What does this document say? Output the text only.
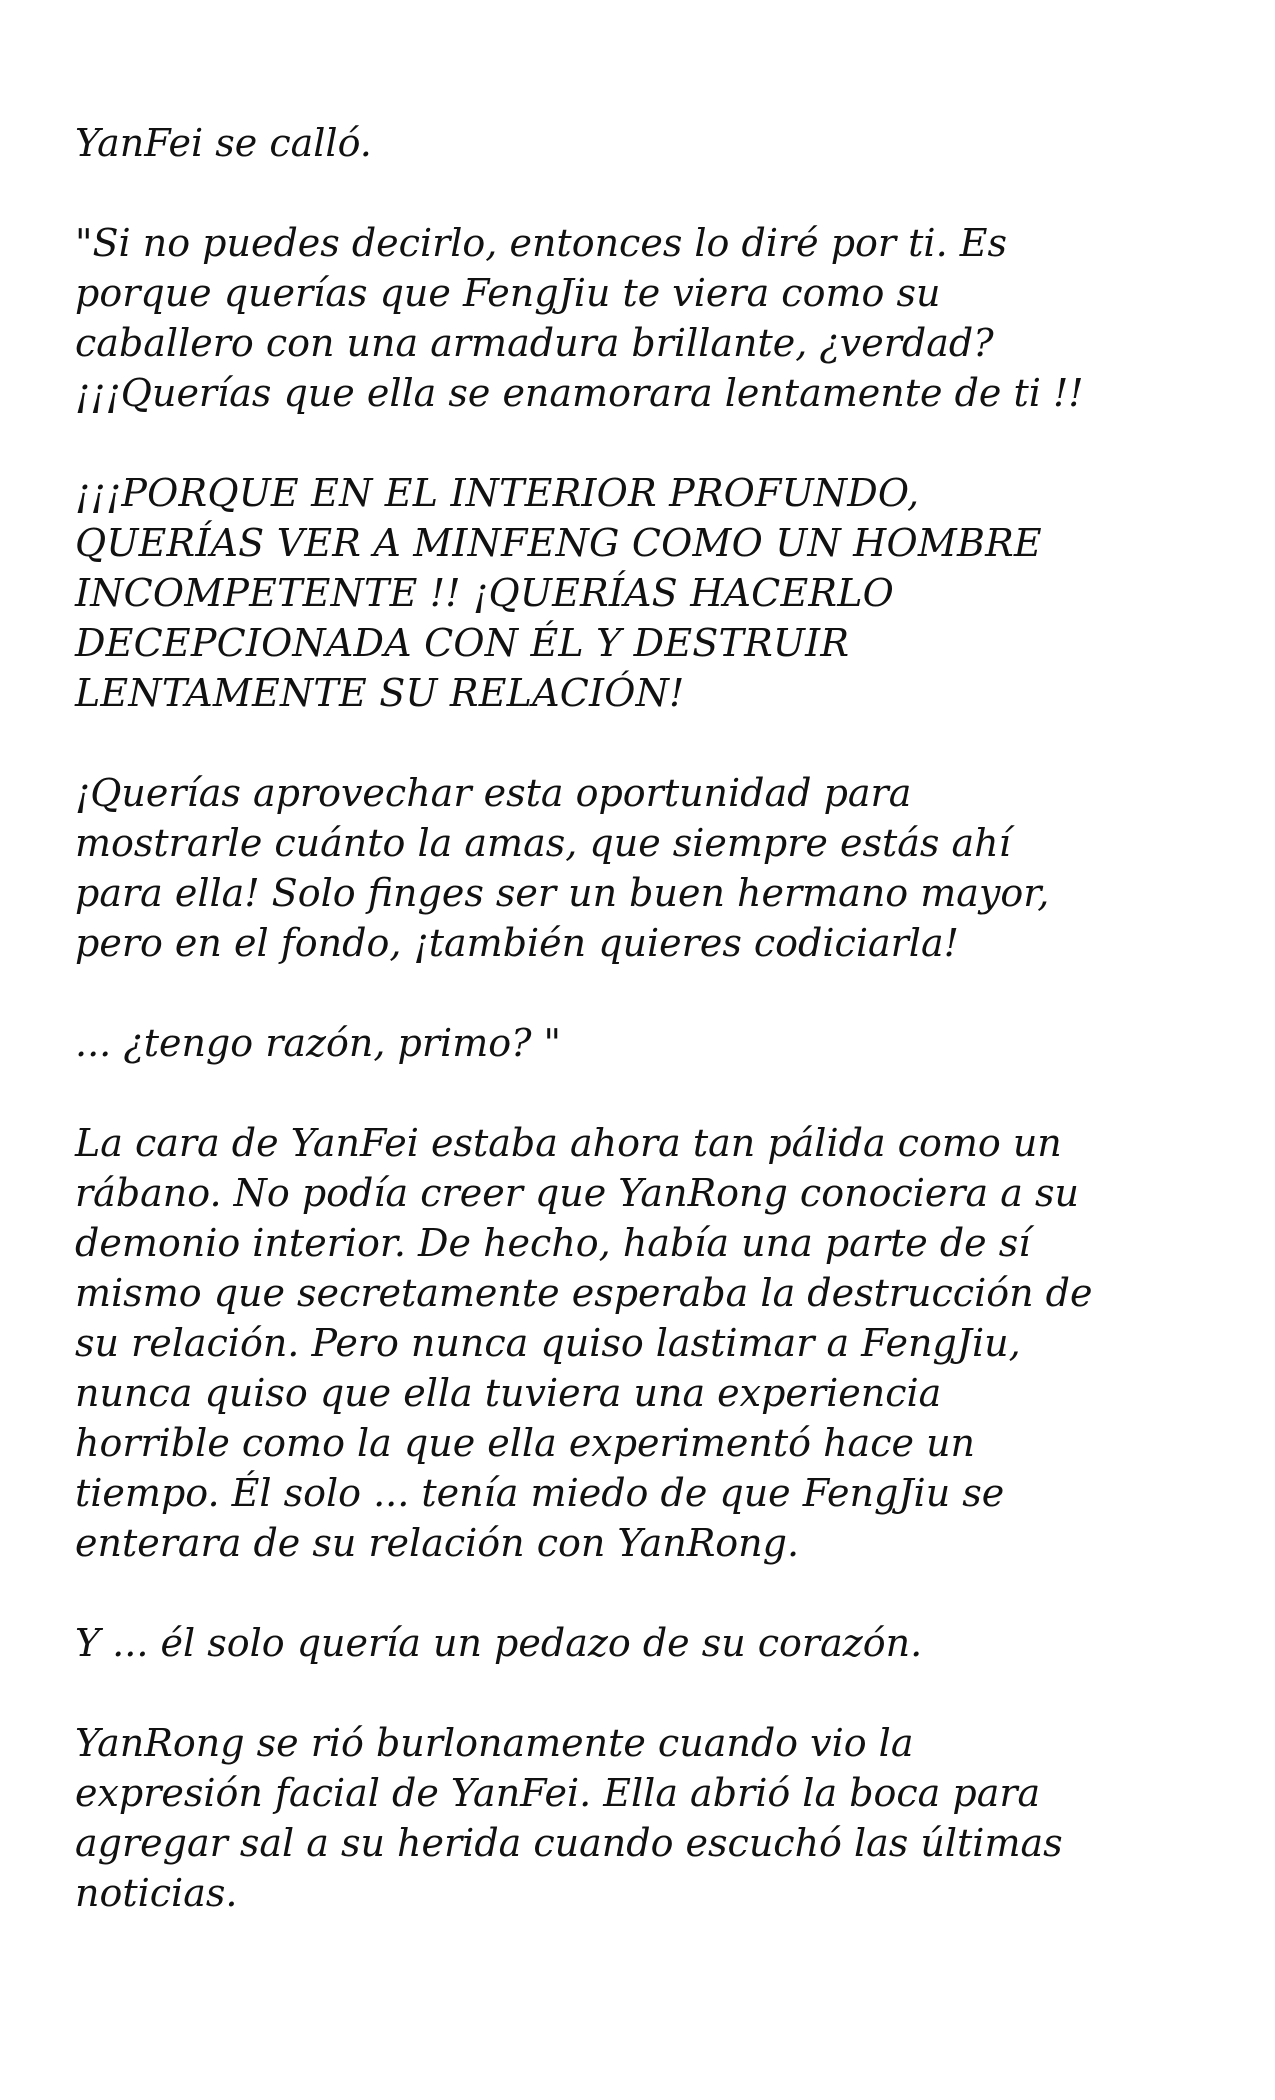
YanFei se calló.

"Si no puedes decirlo, entonces lo diré por ti. Es
porque querías que FengJiu te viera como su
caballero con una armadura brillante, ¿verdad?
¡¡¡Querías que ella se enamorara lentamente de ti !!

¡¡¡PORQUE EN EL INTERIOR PROFUNDO,
QUERÍAS VER A MINFENG COMO UN HOMBRE
INCOMPETENTE !! ¡QUERÍAS HACERLO
DECEPCIONADA CON ÉL Y DESTRUIR
LENTAMENTE SU RELACIÓN!

¡Querías aprovechar esta oportunidad para
mostrarle cuánto la amas, que siempre estás ahí
para ella! Solo finges ser un buen hermano mayor,
pero en el fondo, ¡también quieres codiciarla!

... ¿tengo razón, primo? "

La cara de YanFei estaba ahora tan pálida como un
rábano. No podía creer que YanRong conociera a su
demonio interior. De hecho, había una parte de sí
mismo que secretamente esperaba la destrucción de
su relación. Pero nunca quiso lastimar a FengJiu,
nunca quiso que ella tuviera una experiencia
horrible como la que ella experimentó hace un
tiempo. Él solo ... tenía miedo de que FengJiu se
enterara de su relación con YanRong.

Y ... él solo quería un pedazo de su corazón.

YanRong se rió burlonamente cuando vio la
expresión facial de YanFei. Ella abrió la boca para
agregar sal a su herida cuando escuchó las últimas
noticias.
